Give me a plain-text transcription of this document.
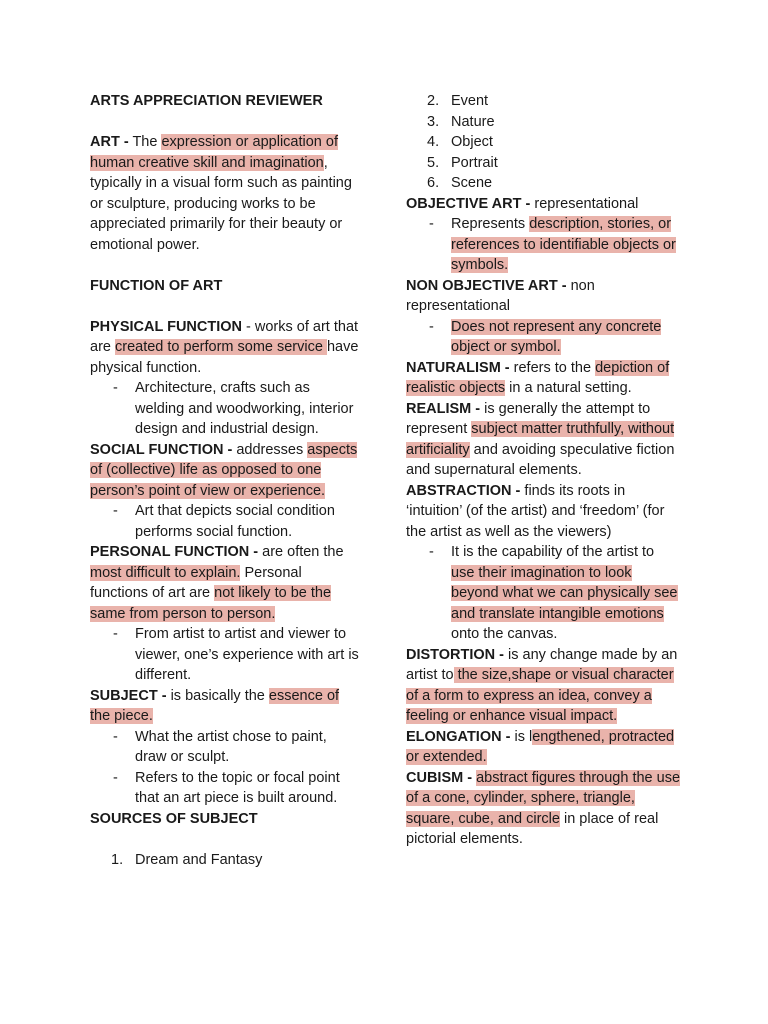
ARTS APPRECIATION REVIEWER

ART - The expression or application of human creative skill and imagination, typically in a visual form such as painting or sculpture, producing works to be appreciated primarily for their beauty or emotional power.

FUNCTION OF ART

PHYSICAL FUNCTION - works of art that are created to perform some service have physical function.

- Architecture, crafts such as welding and woodworking, interior design and industrial design.

SOCIAL FUNCTION - addresses aspects of (collective) life as opposed to one person’s point of view or experience.

- Art that depicts social condition performs social function.

PERSONAL FUNCTION - are often the most difficult to explain. Personal functions of art are not likely to be the same from person to person.

- From artist to artist and viewer to viewer, one’s experience with art is different.

SUBJECT - is basically the essence of the piece.

- What the artist chose to paint, draw or sculpt.

- Refers to the topic or focal point that an art piece is built around.

SOURCES OF SUBJECT

1. Dream and Fantasy

2. Event

3. Nature

4. Object

5. Portrait

6. Scene

OBJECTIVE ART - representational

- Represents description, stories, or references to identifiable objects or symbols.

NON OBJECTIVE ART - non representational

- Does not represent any concrete object or symbol.

NATURALISM - refers to the depiction of realistic objects in a natural setting.

REALISM - is generally the attempt to represent subject matter truthfully, without artificiality and avoiding speculative fiction and supernatural elements.

ABSTRACTION - finds its roots in ‘intuition’ (of the artist) and ‘freedom’ (for the artist as well as the viewers)

- It is the capability of the artist to use their imagination to look beyond what we can physically see and translate intangible emotions onto the canvas.

DISTORTION - is any change made by an artist to the size,shape or visual character of a form to express an idea, convey a feeling or enhance visual impact.

ELONGATION - is lengthened, protracted or extended.

CUBISM - abstract figures through the use of a cone, cylinder, sphere, triangle, square, cube, and circle in place of real pictorial elements.
